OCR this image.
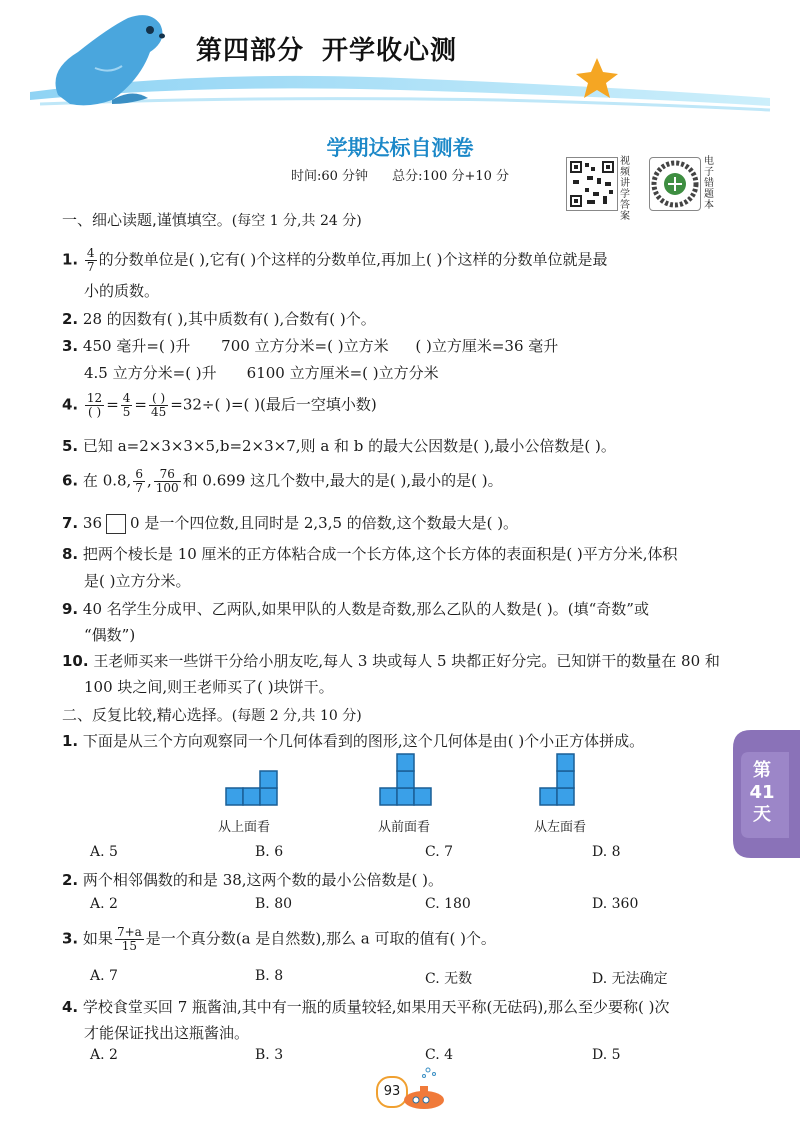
第四部分 开学收心测
学期达标自测卷
时间:60 分钟 总分:100 分+10 分
视频讲学答案
电子错题本
一、细心读题,谨慎填空。(每空 1 分,共 24 分)
1. $\frac{4}{7}$ 的分数单位是( ),它有( )个这样的分数单位,再加上( )个这样的分数单位就是最
小的质数。
2. 28 的因数有( ),其中质数有( ),合数有( )个。
3. 450 毫升=( )升 700 立方分米=( )立方米 ( )立方厘米=36 毫升
4.5 立方分米=( )升 6100 立方厘米=( )立方分米
4. $\frac{12}{( )} = \frac{4}{5} = \frac{( )}{45} =32\div$( )=( )(最后一空填小数)
5. 已知 a=2×3×3×5,b=2×3×7,则 a 和 b 的最大公因数是( ),最小公倍数是( )。
6. 在 0.8, $\frac{6}{7}$ , $\frac{76}{100}$ 和 0.699 这几个数中,最大的是( ),最小的是( )。
7. 36 0 是一个四位数,且同时是 2,3,5 的倍数,这个数最大是( )。
8. 把两个棱长是 10 厘米的正方体粘合成一个长方体,这个长方体的表面积是( )平方分米,体积
是( )立方分米。
9. 40 名学生分成甲、乙两队,如果甲队的人数是奇数,那么乙队的人数是( )。(填“奇数”或
“偶数”)
10. 王老师买来一些饼干分给小朋友吃,每人 3 块或每人 5 块都正好分完。已知饼干的数量在 80 和
100 块之间,则王老师买了( )块饼干。
二、反复比较,精心选择。(每题 2 分,共 10 分)
1. 下面是从三个方向观察同一个几何体看到的图形,这个几何体是由( )个小正方体拼成。
从上面看	从前面看	从左面看
A. 5	B. 6	C. 7	D. 8
2. 两个相邻偶数的和是 38,这两个数的最小公倍数是( )。
A. 2	B. 80	C. 180	D. 360
3. 如果 $\frac{7+a}{15}$ 是一个真分数(a 是自然数),那么 a 可取的值有( )个。
A. 7	B. 8	C. 无数	D. 无法确定
4. 学校食堂买回 7 瓶酱油,其中有一瓶的质量较轻,如果用天平称(无砝码),那么至少要称( )次
才能保证找出这瓶酱油。
A. 2	B. 3	C. 4	D. 5
第
41
天
93
